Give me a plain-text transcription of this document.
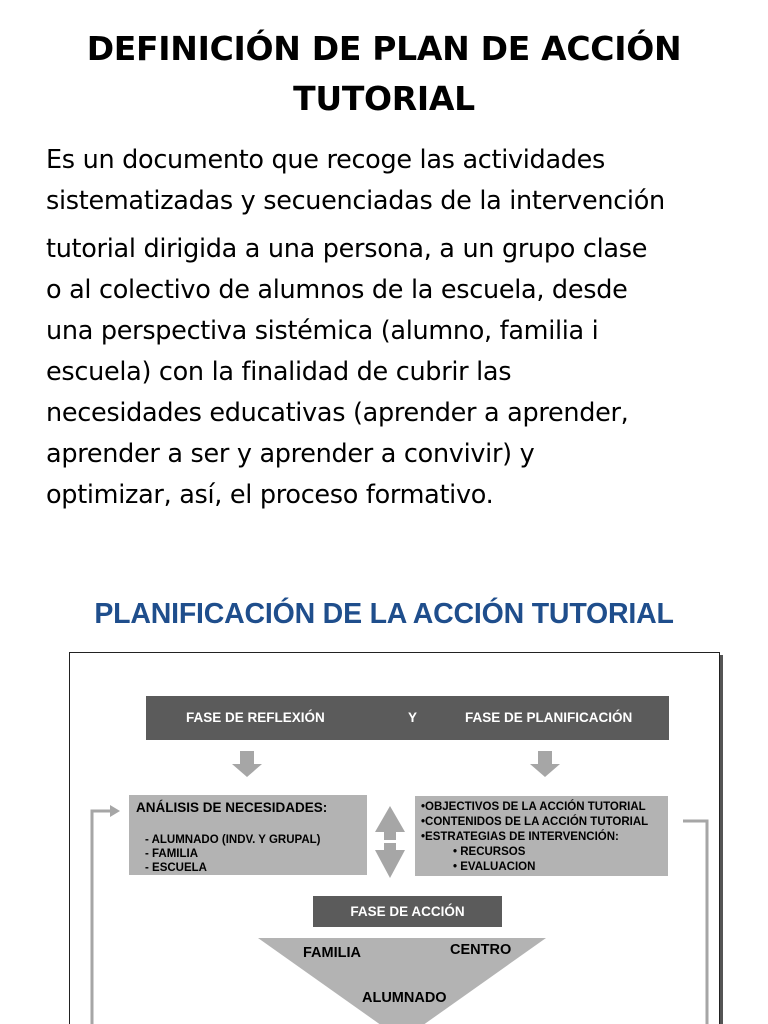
DEFINICIÓN DE PLAN DE ACCIÓN
TUTORIAL
Es un documento que recoge las actividades
sistematizadas y secuenciadas de la intervención
tutorial dirigida a una persona, a un grupo clase
o al colectivo de alumnos de la escuela, desde
una perspectiva sistémica (alumno, familia i
escuela) con la finalidad de cubrir las
necesidades educativas (aprender a aprender,
aprender a ser y aprender a convivir) y
optimizar, así, el proceso formativo.
PLANIFICACIÓN DE LA ACCIÓN TUTORIAL
FASE DE REFLEXIÓN	Y	FASE DE PLANIFICACIÓN
ANÁLISIS DE NECESIDADES:
- ALUMNADO (INDV. Y GRUPAL)
- FAMILIA
- ESCUELA
•OBJECTIVOS DE LA ACCIÓN TUTORIAL
•CONTENIDOS DE LA ACCIÓN TUTORIAL
•ESTRATEGIAS DE INTERVENCIÓN:
• RECURSOS
• EVALUACION
FASE DE ACCIÓN
FAMILIA	CENTRO
ALUMNADO
